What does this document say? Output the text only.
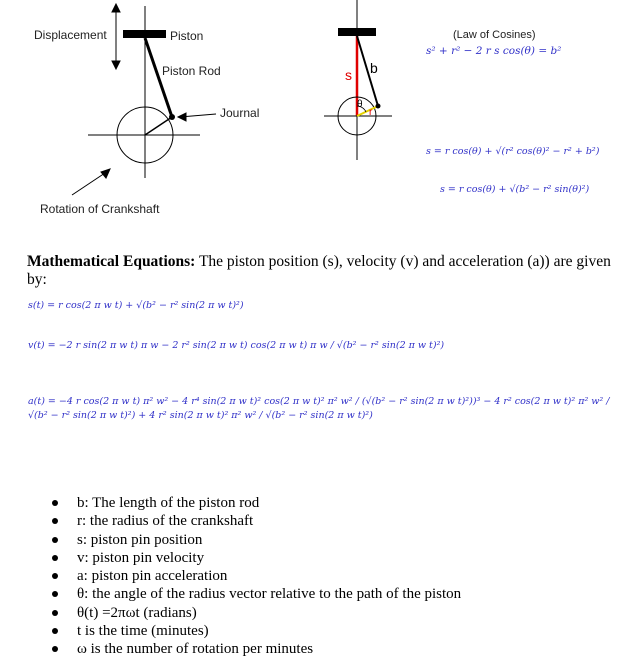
Displacement	Piston
Piston Rod
Journal
Rotation of Crankshaft
s b
θ
r
(Law of Cosines)
s² + r² − 2 r s cos(θ) = b²
s = r cos(θ) + √(r² cos(θ)² − r² + b²)
s = r cos(θ) + √(b² − r² sin(θ)²)
Mathematical Equations: The piston position (s), velocity (v) and acceleration (a)) are given by:
s(t) = r cos(2 π w t) + √(b² − r² sin(2 π w t)²)
v(t) = −2 r sin(2 π w t) π w − 2 r² sin(2 π w t) cos(2 π w t) π w / √(b² − r² sin(2 π w t)²)
a(t) = −4 r cos(2 π w t) π² w² − 4 r⁴ sin(2 π w t)² cos(2 π w t)² π² w² / (√(b² − r² sin(2 π w t)²))³ − 4 r² cos(2 π w t)² π² w² / √(b² − r² sin(2 π w t)²) + 4 r² sin(2 π w t)² π² w² / √(b² − r² sin(2 π w t)²)
b: The length of the piston rod
r: the radius of the crankshaft
s: piston pin position
v: piston pin velocity
a: piston pin acceleration
θ: the angle of the radius vector relative to the path of the piston
θ(t) =2πωt (radians)
t is the time (minutes)
ω is the number of rotation per minutes
